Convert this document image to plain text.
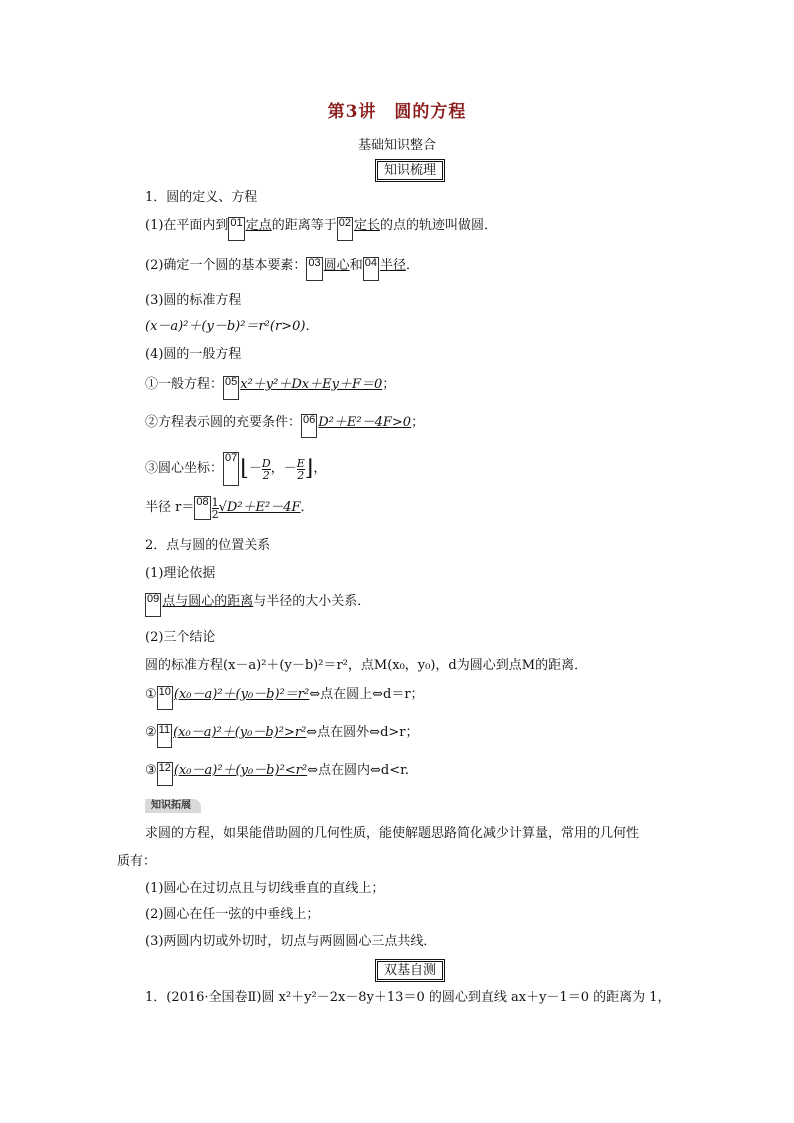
第3讲　圆的方程
基础知识整合
知识梳理
1．圆的定义、方程
(1)在平面内到 01 定点的距离等于 02 定长的点的轨迹叫做圆．
(2)确定一个圆的基本要素： 03 圆心和 04 半径．
(3)圆的标准方程
(x－a)²＋(y－b)²＝r²(r>0)．
(4)圆的一般方程
①一般方程： 05 x²＋y²＋Dx＋Ey＋F＝0；
②方程表示圆的充要条件： 06 D²＋E²－4F>0；
③圆心坐标：07 ⌊－ $\frac{D}{2}$ ，－ $\frac{E}{2}$ ⌋，
半径 $r= 08 \frac{1}{2} √D^2+E^2-4F$．
2．点与圆的位置关系
(1)理论依据
09 点与圆心的距离与半径的大小关系．
(2)三个结论
圆的标准方程(x－a)²＋(y－b)²＝r²，点M(x₀，y₀)，d为圆心到点M的距离．
① 10 (x₀－a)²＋(y₀－b)²＝r²⇔点在圆上⇔d＝r；
② 11 (x₀－a)²＋(y₀－b)²>r²⇔点在圆外⇔d>r；
③ 12 (x₀－a)²＋(y₀－b)²<r²⇔点在圆内⇔d<r.
知识拓展
求圆的方程，如果能借助圆的几何性质，能使解题思路简化减少计算量，常用的几何性
质有：
(1)圆心在过切点且与切线垂直的直线上；
(2)圆心在任一弦的中垂线上；
(3)两圆内切或外切时，切点与两圆圆心三点共线．
双基自测
1．(2016·全国卷Ⅱ)圆 x²＋y²－2x－8y＋13＝0 的圆心到直线 ax＋y－1＝0 的距离为 1，
